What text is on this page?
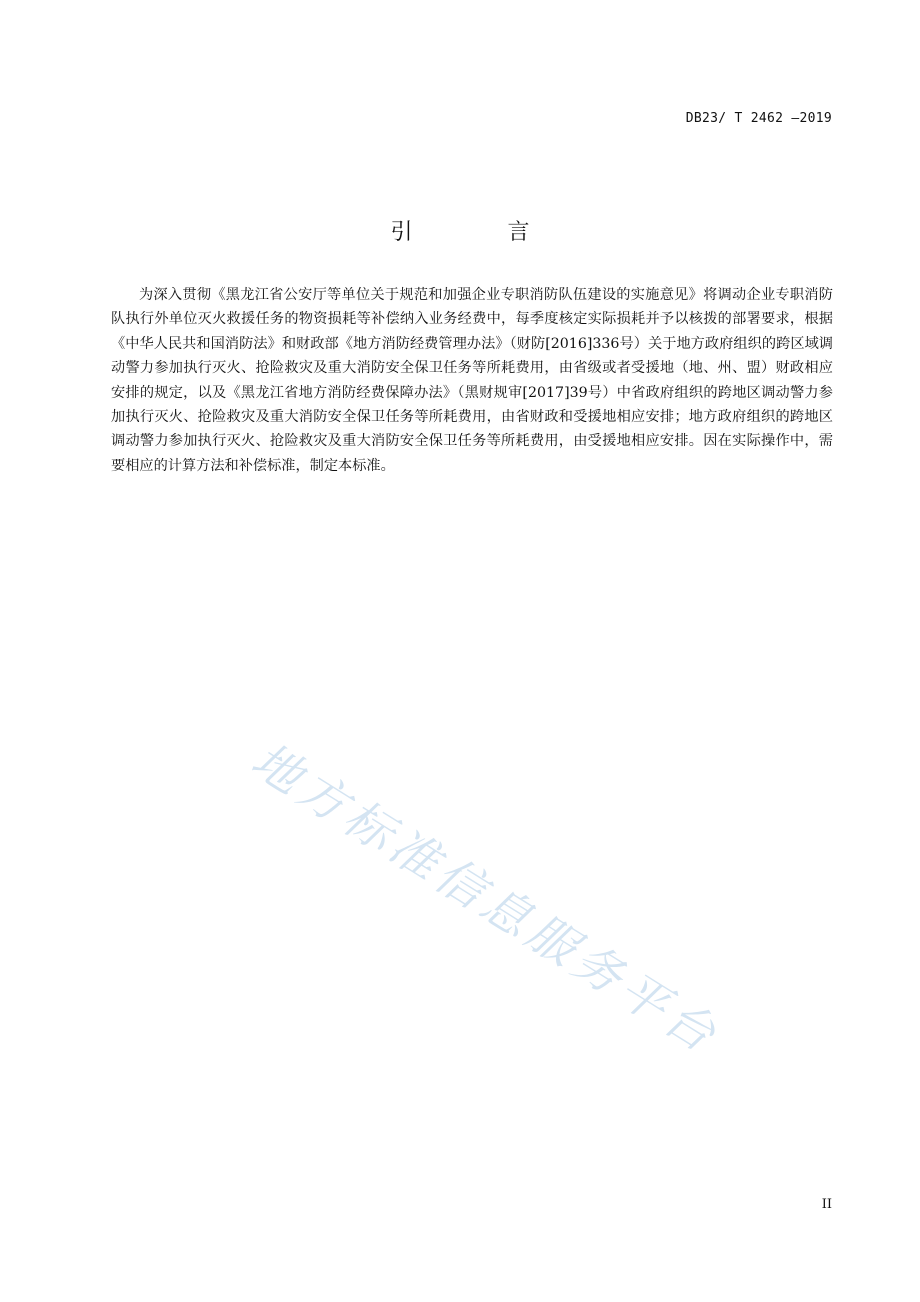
DB23/ T 2462 —2019
引 言

为深入贯彻《黑龙江省公安厅等单位关于规范和加强企业专职消防队伍建设的实施意见》将调动企业专职消防队执行外单位灭火救援任务的物资损耗等补偿纳入业务经费中，每季度核定实际损耗并予以核拨的部署要求，根据《中华人民共和国消防法》和财政部《地方消防经费管理办法》（财防[2016]336号）关于地方政府组织的跨区域调动警力参加执行灭火、抢险救灾及重大消防安全保卫任务等所耗费用，由省级或者受援地（地、州、盟）财政相应安排的规定，以及《黑龙江省地方消防经费保障办法》（黑财规审[2017]39号）中省政府组织的跨地区调动警力参加执行灭火、抢险救灾及重大消防安全保卫任务等所耗费用，由省财政和受援地相应安排；地方政府组织的跨地区调动警力参加执行灭火、抢险救灾及重大消防安全保卫任务等所耗费用，由受援地相应安排。因在实际操作中，需要相应的计算方法和补偿标准，制定本标准。

地方标准信息服务平台
II
